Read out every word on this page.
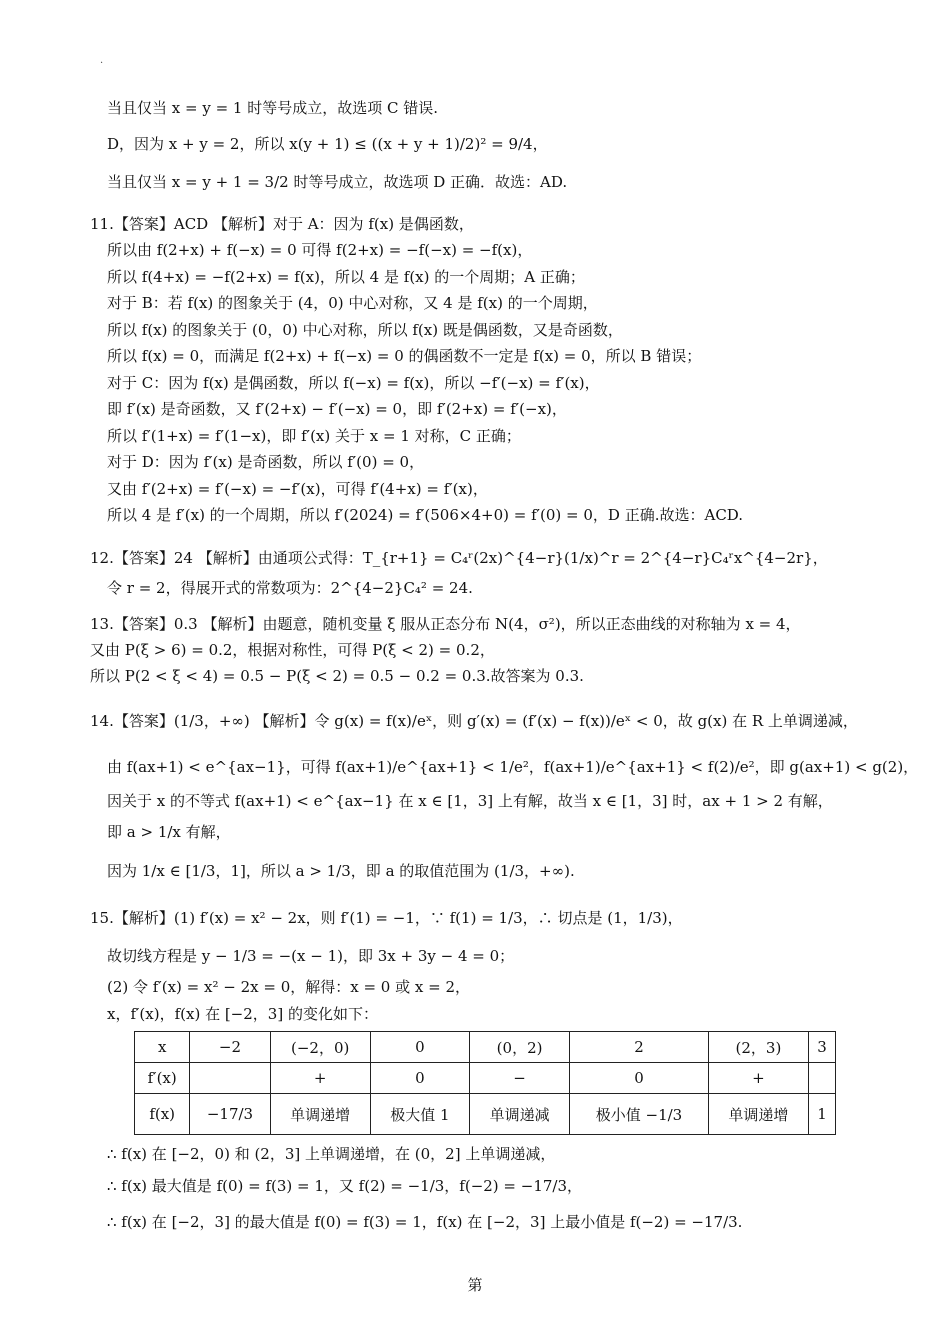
·
当且仅当 x = y = 1 时等号成立，故选项 C 错误.
D，因为 x + y = 2，所以 x(y + 1) ≤ ((x + y + 1)/2)² = 9/4，
当且仅当 x = y + 1 = 3/2 时等号成立，故选项 D 正确．故选：AD.
11.【答案】ACD 【解析】对于 A：因为 f(x) 是偶函数，
所以由 f(2+x) + f(−x) = 0 可得 f(2+x) = −f(−x) = −f(x)，
所以 f(4+x) = −f(2+x) = f(x)，所以 4 是 f(x) 的一个周期；A 正确；
对于 B：若 f(x) 的图象关于 (4，0) 中心对称，又 4 是 f(x) 的一个周期，
所以 f(x) 的图象关于 (0，0) 中心对称，所以 f(x) 既是偶函数，又是奇函数，
所以 f(x) = 0，而满足 f(2+x) + f(−x) = 0 的偶函数不一定是 f(x) = 0，所以 B 错误；
对于 C：因为 f(x) 是偶函数，所以 f(−x) = f(x)，所以 −f′(−x) = f′(x)，
即 f′(x) 是奇函数，又 f′(2+x) − f′(−x) = 0，即 f′(2+x) = f′(−x)，
所以 f′(1+x) = f′(1−x)，即 f′(x) 关于 x = 1 对称，C 正确；
对于 D：因为 f′(x) 是奇函数，所以 f′(0) = 0，
又由 f′(2+x) = f′(−x) = −f′(x)，可得 f′(4+x) = f′(x)，
所以 4 是 f′(x) 的一个周期，所以 f′(2024) = f′(506×4+0) = f′(0) = 0，D 正确.故选：ACD.
12.【答案】24 【解析】由通项公式得：T_{r+1} = C₄ʳ(2x)^{4−r}(1/x)^r = 2^{4−r}C₄ʳx^{4−2r}，
令 r = 2，得展开式的常数项为：2^{4−2}C₄² = 24.
13.【答案】0.3 【解析】由题意，随机变量 ξ 服从正态分布 N(4，σ²)，所以正态曲线的对称轴为 x = 4，
又由 P(ξ > 6) = 0.2，根据对称性，可得 P(ξ < 2) = 0.2，
所以 P(2 < ξ < 4) = 0.5 − P(ξ < 2) = 0.5 − 0.2 = 0.3.故答案为 0.3.
14.【答案】(1/3，+∞) 【解析】令 g(x) = f(x)/eˣ，则 g′(x) = (f′(x) − f(x))/eˣ < 0，故 g(x) 在 R 上单调递减，
由 f(ax+1) < e^{ax−1}，可得 f(ax+1)/e^{ax+1} < 1/e²，f(ax+1)/e^{ax+1} < f(2)/e²，即 g(ax+1) < g(2)，
因关于 x 的不等式 f(ax+1) < e^{ax−1} 在 x ∈ [1，3] 上有解，故当 x ∈ [1，3] 时，ax + 1 > 2 有解，
即 a > 1/x 有解，
因为 1/x ∈ [1/3，1]，所以 a > 1/3，即 a 的取值范围为 (1/3，+∞).
15.【解析】(1) f′(x) = x² − 2x，则 f′(1) = −1，∵ f(1) = 1/3，∴ 切点是 (1，1/3)，
故切线方程是 y − 1/3 = −(x − 1)，即 3x + 3y − 4 = 0；
(2) 令 f′(x) = x² − 2x = 0，解得：x = 0 或 x = 2，
x，f′(x)，f(x) 在 [−2，3] 的变化如下：
x	−2	(−2，0)	0	(0，2)	2	(2，3)	3
f′(x)		+	0	−	0	+	
f(x)	−17/3	单调递增	极大值 1	单调递减	极小值 −1/3	单调递增	1
∴ f(x) 在 [−2，0) 和 (2，3] 上单调递增，在 (0，2] 上单调递减，
∴ f(x) 最大值是 f(0) = f(3) = 1，又 f(2) = −1/3，f(−2) = −17/3，
∴ f(x) 在 [−2，3] 的最大值是 f(0) = f(3) = 1，f(x) 在 [−2，3] 上最小值是 f(−2) = −17/3.
第
